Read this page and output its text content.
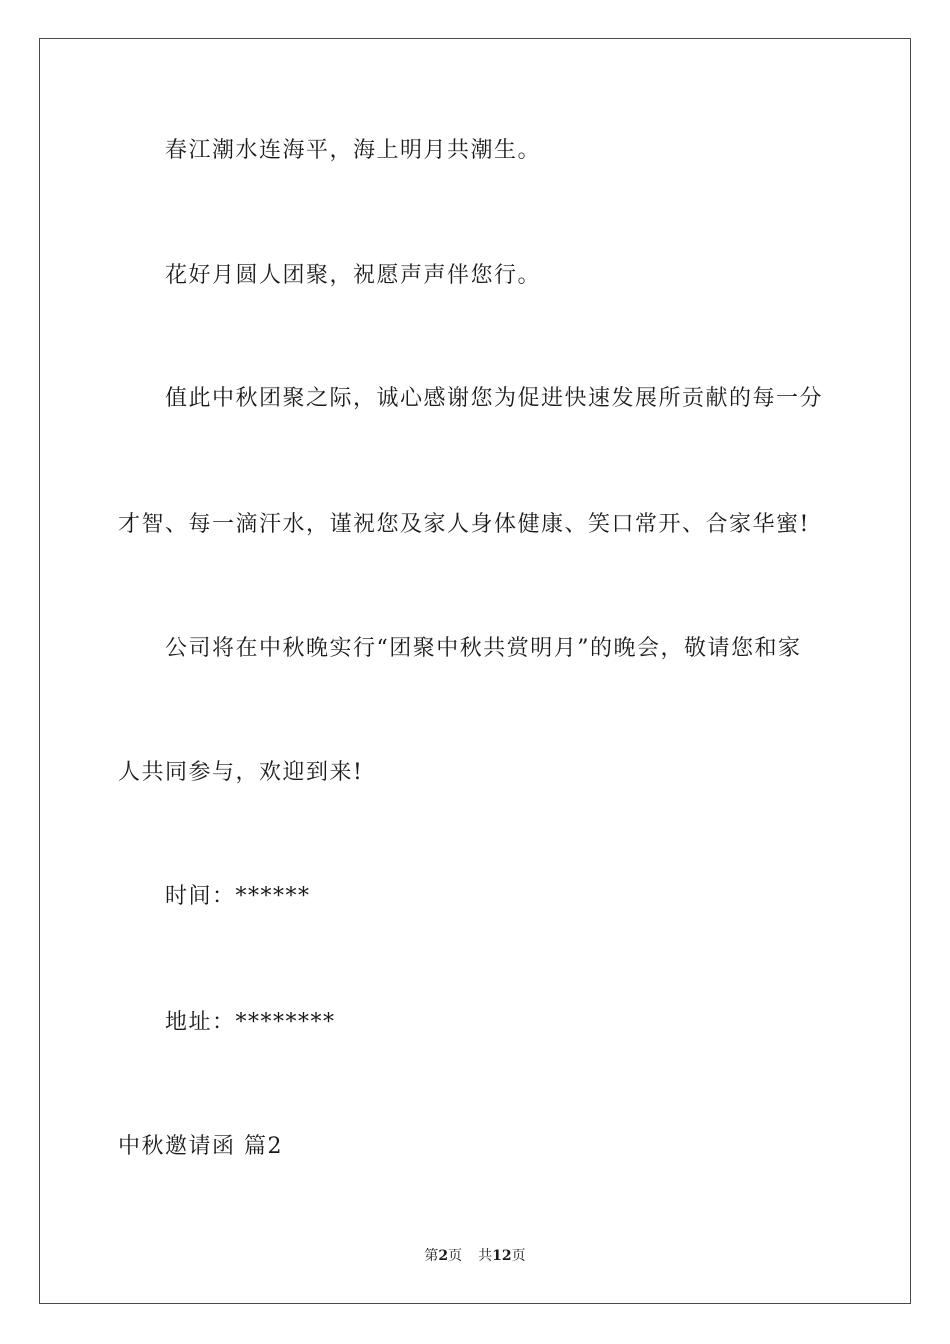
春江潮水连海平，海上明月共潮生。
花好月圆人团聚，祝愿声声伴您行。
值此中秋团聚之际，诚心感谢您为促进快速发展所贡献的每一分
才智、每一滴汗水，谨祝您及家人身体健康、笑口常开、合家华蜜!
公司将在中秋晚实行“团聚中秋共赏明月”的晚会，敬请您和家
人共同参与，欢迎到来!
时间：******
地址：********
中秋邀请函 篇2
第2页 共12页
